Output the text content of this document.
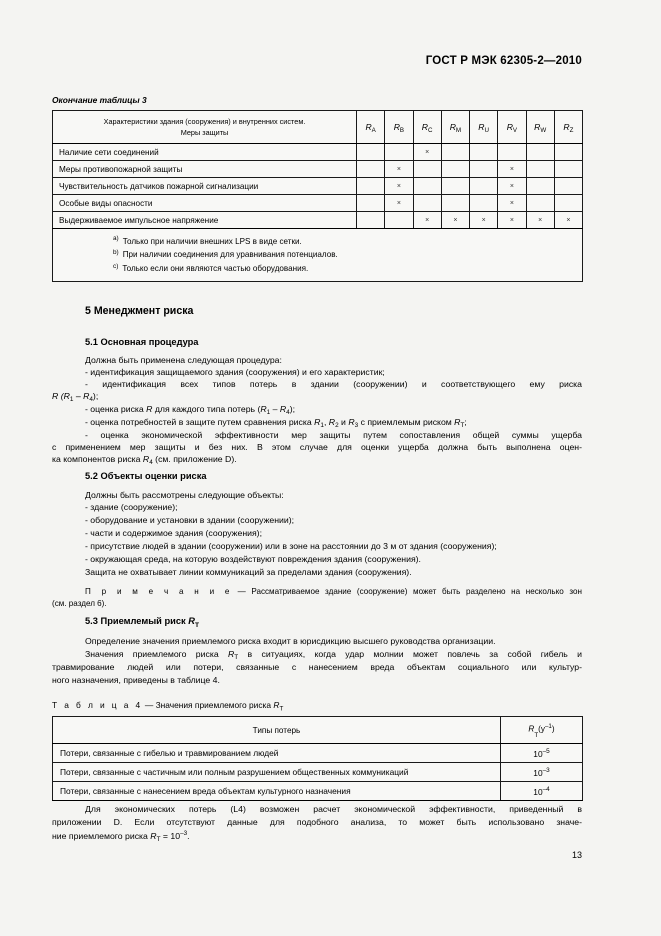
ГОСТ Р МЭК 62305-2—2010
Окончание таблицы 3
Характеристики здания (сооружения) и внутренних систем.
Меры защиты	$R_A$	$R_B$	$R_C$	$R_M$	$R_U$	$R_V$	$R_W$	$R_Z$
Наличие сети соединений			×					
Меры противопожарной защиты		×				×		
Чувствительность датчиков пожарной сигнализации		×				×		
Особые виды опасности		×				×		
Выдерживаемое импульсное напряжение			×	×	×	×	×	×

$^{a)}$ Только при наличии внешних LPS в виде сетки.
$^{b)}$ При наличии соединения для уравнивания потенциалов.
$^{c)}$ Только если они являются частью оборудования.								
5 Менеджмент риска
5.1 Основная процедура
Должна быть применена следующая процедура:
- идентификация защищаемого здания (сооружения) и его характеристик;
- идентификация всех типов потерь в здании (сооружении) и соответствующего ему риска
R $(R_1 - R_4)$;
- оценка риска R для каждого типа потерь $(R_1 - R_4)$;
- оценка потребностей в защите путем сравнения риска $R_1$, $R_2$ и $R_3$ с приемлемым риском $R_T$;
- оценка экономической эффективности мер защиты путем сопоставления общей суммы ущерба
с применением мер защиты и без них. В этом случае для оценки ущерба должна быть выполнена оцен-
ка компонентов риска $R_4$ (см. приложение D).
5.2 Объекты оценки риска
Должны быть рассмотрены следующие объекты:
- здание (сооружение);
- оборудование и установки в здании (сооружении);
- части и содержимое здания (сооружения);
- присутствие людей в здании (сооружении) или в зоне на расстоянии до 3 м от здания (сооружения);
- окружающая среда, на которую воздействуют повреждения здания (сооружения).
Защита не охватывает линии коммуникаций за пределами здания (сооружения).
П р и м е ч а н и е — Рассматриваемое здание (сооружение) может быть разделено на несколько зон
(см. раздел 6).
5.3 Приемлемый риск $R_T$
Определение значения приемлемого риска входит в юрисдикцию высшего руководства организации.
Значения приемлемого риска $R_T$ в ситуациях, когда удар молнии может повлечь за собой гибель и
травмирование людей или потери, связанные с нанесением вреда объектам социального или культур-
ного назначения, приведены в таблице 4.
Т а б л и ц а 4 — Значения приемлемого риска $R_T$
Типы потерь	$R_T(y^{-1})$
Потери, связанные с гибелью и травмированием людей	$10^{-5}$
Потери, связанные с частичным или полным разрушением общественных коммуникаций	$10^{-3}$
Потери, связанные с нанесением вреда объектам культурного назначения	$10^{-4}$
Для экономических потерь (L4) возможен расчет экономической эффективности, приведенный в
приложении D. Если отсутствуют данные для подобного анализа, то может быть использовано значе-
ние приемлемого риска $R_T = 10^{-3}$.
13
